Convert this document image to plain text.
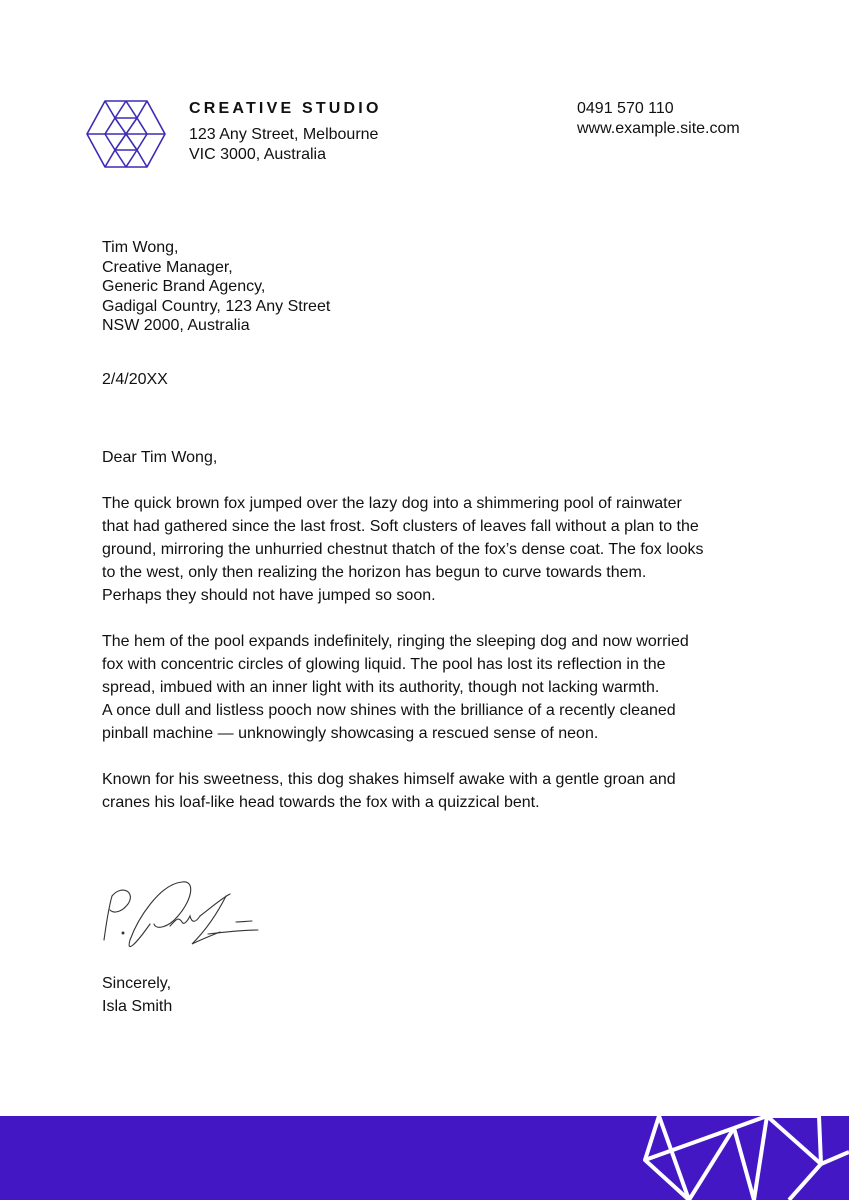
CREATIVE STUDIO
123 Any Street, Melbourne
VIC 3000, Australia
0491 570 110
www.example.site.com
Tim Wong,
Creative Manager,
Generic Brand Agency,
Gadigal Country, 123 Any Street
NSW 2000, Australia
2/4/20XX
Dear Tim Wong,

The quick brown fox jumped over the lazy dog into a shimmering pool of rainwater
that had gathered since the last frost. Soft clusters of leaves fall without a plan to the
ground, mirroring the unhurried chestnut thatch of the fox’s dense coat. The fox looks
to the west, only then realizing the horizon has begun to curve towards them.
Perhaps they should not have jumped so soon.

The hem of the pool expands indefinitely, ringing the sleeping dog and now worried
fox with concentric circles of glowing liquid. The pool has lost its reflection in the
spread, imbued with an inner light with its authority, though not lacking warmth.
A once dull and listless pooch now shines with the brilliance of a recently cleaned
pinball machine — unknowingly showcasing a rescued sense of neon.

Known for his sweetness, this dog shakes himself awake with a gentle groan and
cranes his loaf-like head towards the fox with a quizzical bent.

Sincerely,
Isla Smith
